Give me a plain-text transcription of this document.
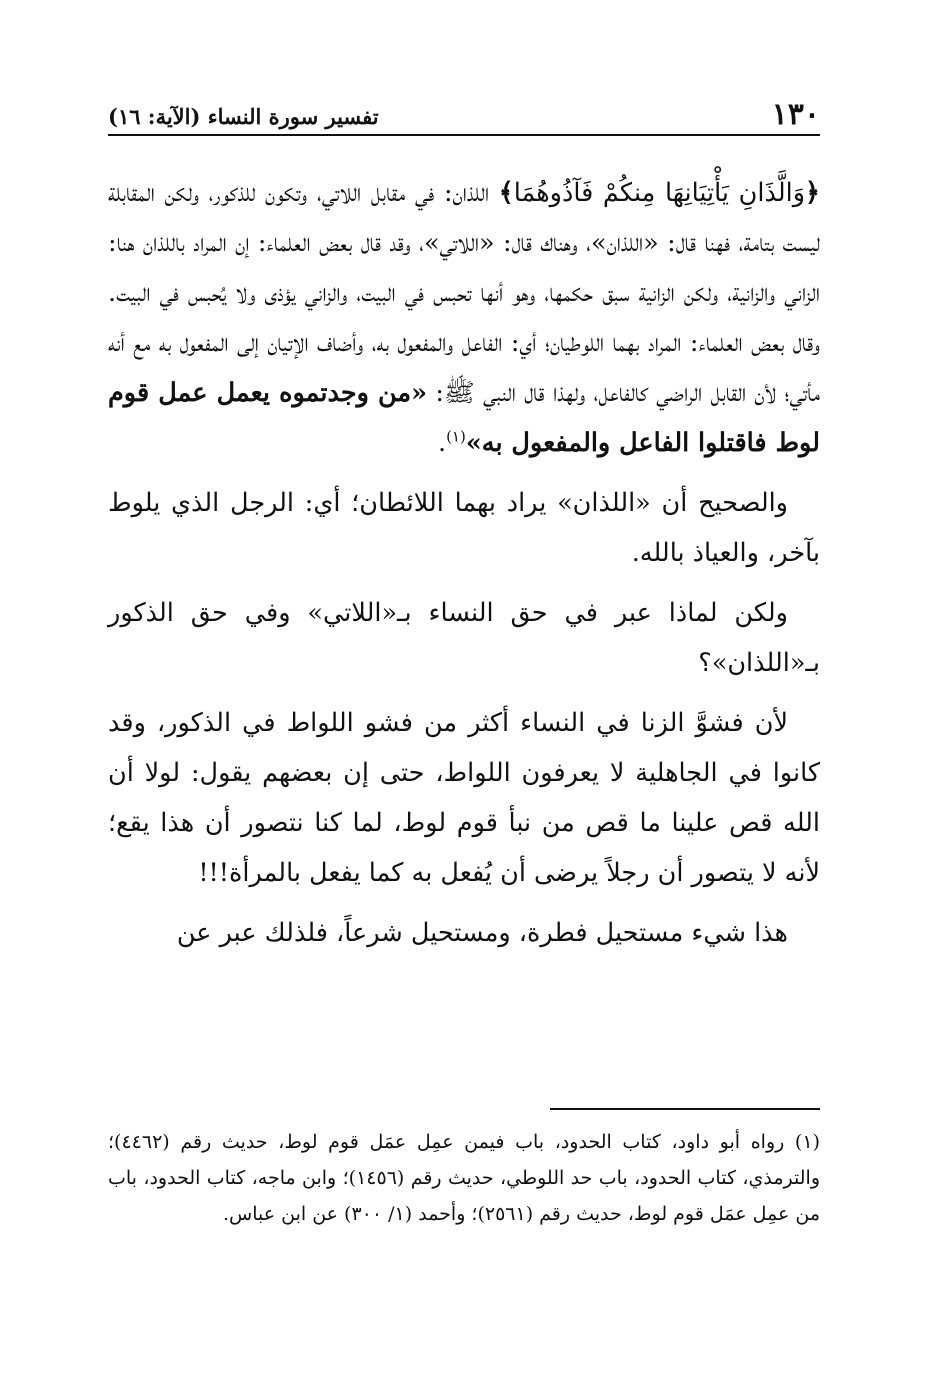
١٣٠
تفسير سورة النساء (الآية: ١٦)

﴿وَالَّذَانِ يَأْتِيَانِهَا مِنكُمْ فَآذُوهُمَا﴾ اللذان: في مقابل اللاتي، وتكون للذكور، ولكن المقابلة ليست بتامة، فهنا قال: «اللذان»، وهناك قال: «اللاتي»، وقد قال بعض العلماء: إن المراد باللذان هنا: الزاني والزانية، ولكن الزانية سبق حكمها، وهو أنها تحبس في البيت، والزاني يؤذى ولا يُحبس في البيت. وقال بعض العلماء: المراد بهما اللوطيان؛ أي: الفاعل والمفعول به، وأضاف الإتيان إلى المفعول به مع أنه مأتي؛ لأن القابل الراضي كالفاعل، ولهذا قال النبي ﷺ: «من وجدتموه يعمل عمل قوم لوط فاقتلوا الفاعل والمفعول به»$^{(١)}$.

والصحيح أن «اللذان» يراد بهما اللائطان؛ أي: الرجل الذي يلوط بآخر، والعياذ بالله.

ولكن لماذا عبر في حق النساء بـ«اللاتي» وفي حق الذكور بـ«اللذان»؟

لأن فشوَّ الزنا في النساء أكثر من فشو اللواط في الذكور، وقد كانوا في الجاهلية لا يعرفون اللواط، حتى إن بعضهم يقول: لولا أن الله قص علينا ما قص من نبأ قوم لوط، لما كنا نتصور أن هذا يقع؛ لأنه لا يتصور أن رجلاً يرضى أن يُفعل به كما يفعل بالمرأة!!!

هذا شيء مستحيل فطرة، ومستحيل شرعاً، فلذلك عبر عن

(١) رواه أبو داود، كتاب الحدود، باب فيمن عمِل عمَل قوم لوط، حديث رقم (٤٤٦٢)؛ والترمذي، كتاب الحدود، باب حد اللوطي، حديث رقم (١٤٥٦)؛ وابن ماجه، كتاب الحدود، باب من عمِل عمَل قوم لوط، حديث رقم (٢٥٦١)؛ وأحمد (١/ ٣٠٠) عن ابن عباس.
